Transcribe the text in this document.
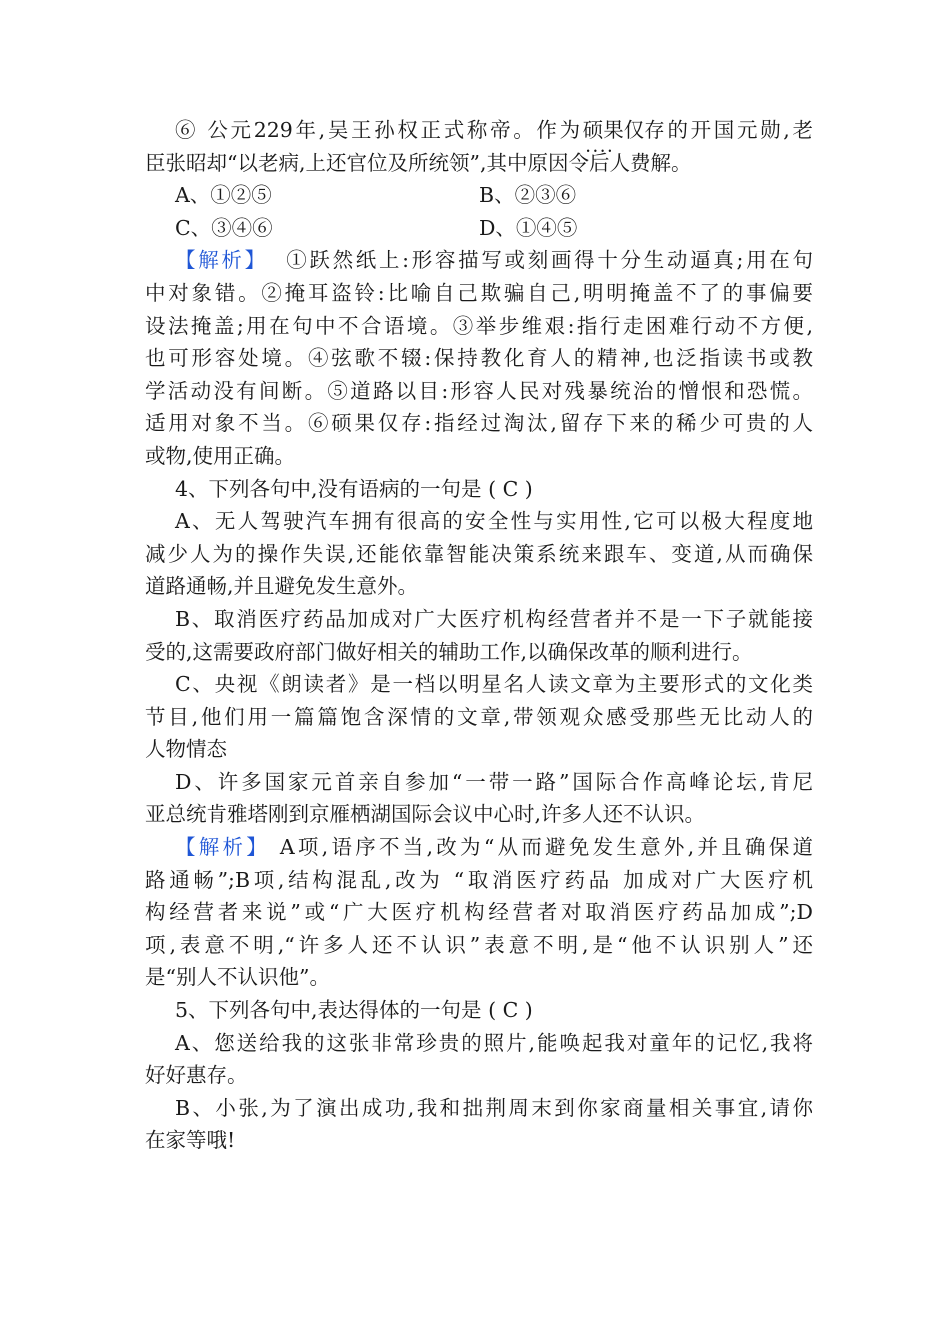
⑥ 公元229年,吴王孙权正式称帝。作为硕果仅存 • •的开国元勋,老
臣张昭却“以老病,上还官位及所统领”,其中原因令后人费解。
A、①②⑤	B、②③⑥
C、③④⑥	D、①④⑤
【解析】 ①跃然纸上:形容描写或刻画得十分生动逼真;用在句
中对象错。②掩耳盗铃:比喻自己欺骗自己,明明掩盖不了的事偏要
设法掩盖;用在句中不合语境。③举步维艰:指行走困难行动不方便,
也可形容处境。④弦歌不辍:保持教化育人的精神,也泛指读书或教
学活动没有间断。⑤道路以目:形容人民对残暴统治的憎恨和恐慌。
适用对象不当。⑥硕果仅存:指经过淘汰,留存下来的稀少可贵的人
或物,使用正确。
4、下列各句中,没有语病的一句是 ( C )
A、无人驾驶汽车拥有很高的安全性与实用性,它可以极大程度地
减少人为的操作失误,还能依靠智能决策系统来跟车、变道,从而确保
道路通畅,并且避免发生意外。
B、取消医疗药品加成对广大医疗机构经营者并不是一下子就能接
受的,这需要政府部门做好相关的辅助工作,以确保改革的顺利进行。
C、央视《朗读者》是一档以明星名人读文章为主要形式的文化类
节目,他们用一篇篇饱含深情的文章,带领观众感受那些无比动人的
人物情态
D、许多国家元首亲自参加“一带一路”国际合作高峰论坛,肯尼
亚总统肯雅塔刚到京雁栖湖国际会议中心时,许多人还不认识。
【解析】 A项,语序不当,改为“从而避免发生意外,并且确保道
路通畅”;B项,结构混乱,改为 “取消医疗药品 加成对广大医疗机
构经营者来说”或“广大医疗机构经营者对取消医疗药品加成”;D
项,表意不明,“许多人还不认识”表意不明,是“他不认识别人”还
是“别人不认识他”。
5、下列各句中,表达得体的一句是 ( C )
A、您送给我的这张非常珍贵的照片,能唤起我对童年的记忆,我将
好好惠存。
B、小张,为了演出成功,我和拙荆周末到你家商量相关事宜,请你
在家等哦!
